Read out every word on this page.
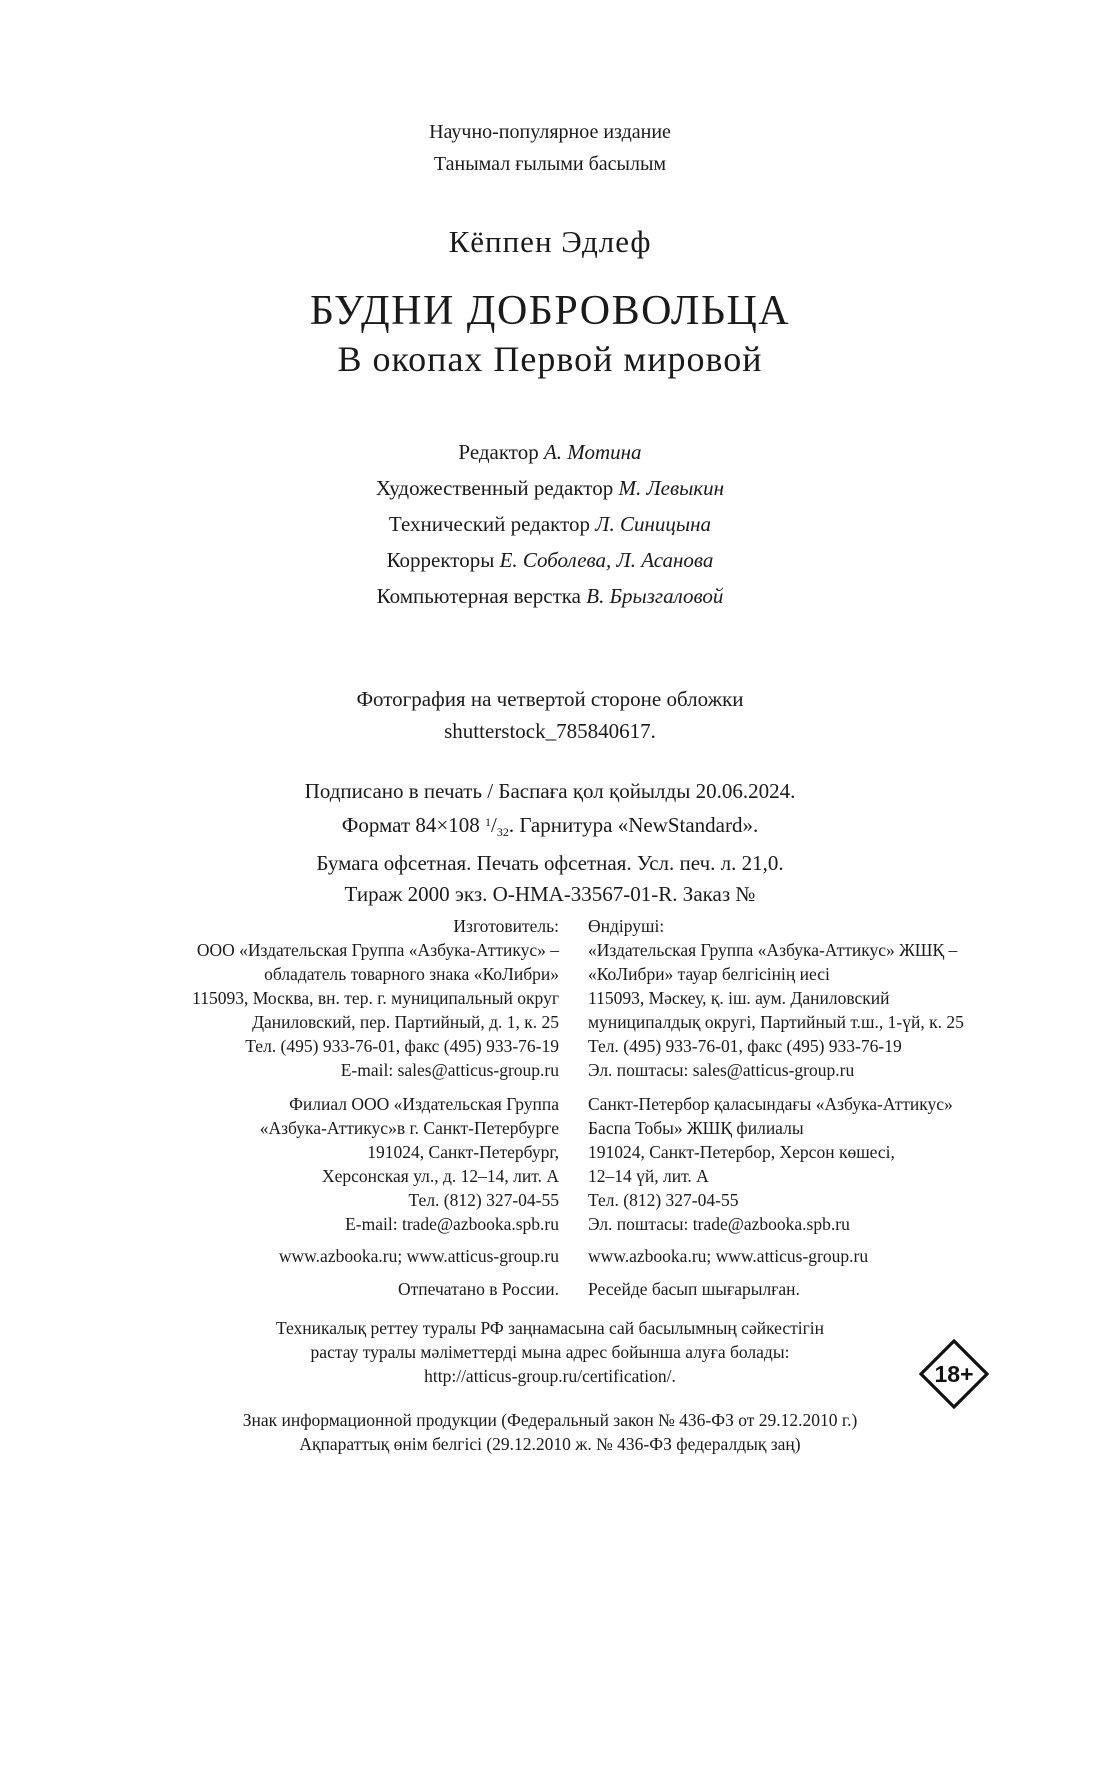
Научно-популярное издание
Танымал ғылыми басылым
Кёппен Эдлеф
БУДНИ ДОБРОВОЛЬЦА
В окопах Первой мировой
Редактор А. Мотина
Художественный редактор М. Левыкин
Технический редактор Л. Синицына
Корректоры Е. Соболева, Л. Асанова
Компьютерная верстка В. Брызгаловой
Фотография на четвертой стороне обложки
shutterstock_785840617.
Подписано в печать / Баспаға қол қойылды 20.06.2024.
Формат 84×108 $^1/_{32}$. Гарнитура «NewStandard».
Бумага офсетная. Печать офсетная. Усл. печ. л. 21,0.
Тираж 2000 экз. О-НМА-33567-01-R. Заказ №
Изготовитель:
ООО «Издательская Группа «Азбука-Аттикус» –
обладатель товарного знака «КоЛибри»
115093, Москва, вн. тер. г. муниципальный округ
Даниловский, пер. Партийный, д. 1, к. 25
Тел. (495) 933-76-01, факс (495) 933-76-19
E-mail: sales@atticus-group.ru
Өндіруші:
«Издательская Группа «Азбука-Аттикус» ЖШҚ –
«КоЛибри» тауар белгісінің иесі
115093, Мәскеу, қ. іш. аум. Даниловский
муниципалдық округі, Партийный т.ш., 1-үй, к. 25
Тел. (495) 933-76-01, факс (495) 933-76-19
Эл. поштасы: sales@atticus-group.ru
Филиал ООО «Издательская Группа
«Азбука-Аттикус»в г. Санкт-Петербурге
191024, Санкт-Петербург,
Херсонская ул., д. 12–14, лит. А
Тел. (812) 327-04-55
E-mail: trade@azbooka.spb.ru
Санкт-Петербор қаласындағы «Азбука-Аттикус»
Баспа Тобы» ЖШҚ филиалы
191024, Санкт-Петербор, Херсон көшесі,
12–14 үй, лит. А
Тел. (812) 327-04-55
Эл. поштасы: trade@azbooka.spb.ru
www.azbooka.ru; www.atticus-group.ru www.azbooka.ru; www.atticus-group.ru
Отпечатано в России. Ресейде басып шығарылған.
Техникалық реттеу туралы РФ заңнамасына сай басылымның сәйкестігін
растау туралы мәліметтерді мына адрес бойынша алуға болады:
http://atticus-group.ru/certification/.	18+
Знак информационной продукции (Федеральный закон № 436-ФЗ от 29.12.2010 г.)
Ақпараттық өнім белгісі (29.12.2010 ж. № 436-ФЗ федералдық заң)
